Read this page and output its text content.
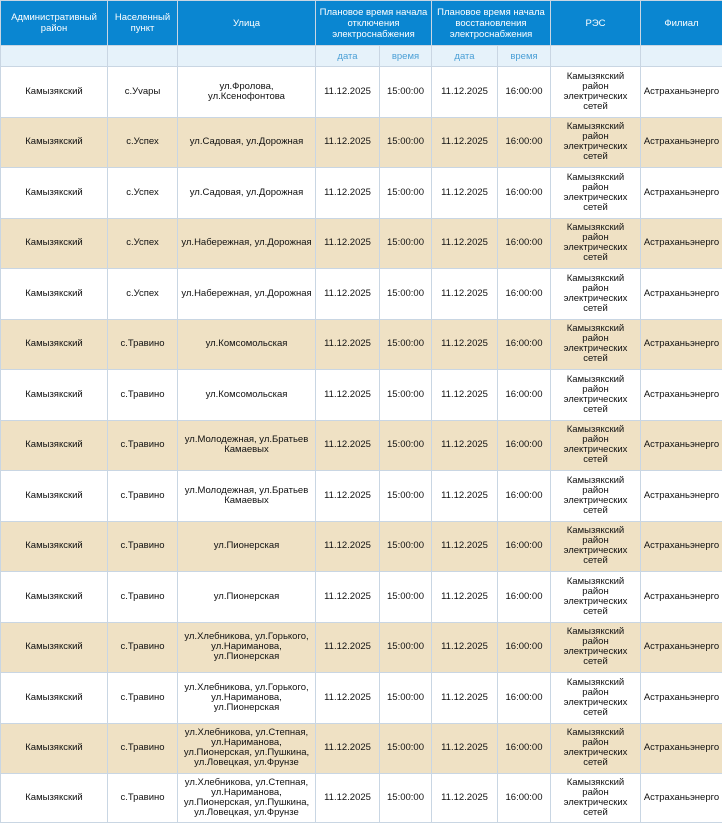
Административный район	Населенный пункт	Улица	Плановое время начала отключения электроснабжения		Плановое время начала восстановления электроснабжения		РЭС	Филиал
			дата	время	дата	время		
Камызякский	с.Уvары	ул.Фролова, ул.Ксенофонтова	11.12.2025	15:00:00	11.12.2025	16:00:00	Камызякский район электрических сетей	Астраханьэнерго
Камызякский	с.Успех	ул.Садовая, ул.Дорожная	11.12.2025	15:00:00	11.12.2025	16:00:00	Камызякский район электрических сетей	Астраханьэнерго
Камызякский	с.Успех	ул.Садовая, ул.Дорожная	11.12.2025	15:00:00	11.12.2025	16:00:00	Камызякский район электрических сетей	Астраханьэнерго
Камызякский	с.Успех	ул.Набережная, ул.Дорожная	11.12.2025	15:00:00	11.12.2025	16:00:00	Камызякский район электрических сетей	Астраханьэнерго
Камызякский	с.Успех	ул.Набережная, ул.Дорожная	11.12.2025	15:00:00	11.12.2025	16:00:00	Камызякский район электрических сетей	Астраханьэнерго
Камызякский	с.Травино	ул.Комсомольская	11.12.2025	15:00:00	11.12.2025	16:00:00	Камызякский район электрических сетей	Астраханьэнерго
Камызякский	с.Травино	ул.Комсомольская	11.12.2025	15:00:00	11.12.2025	16:00:00	Камызякский район электрических сетей	Астраханьэнерго
Камызякский	с.Травино	ул.Молодежная, ул.Братьев Камаевых	11.12.2025	15:00:00	11.12.2025	16:00:00	Камызякский район электрических сетей	Астраханьэнерго
Камызякский	с.Травино	ул.Молодежная, ул.Братьев Камаевых	11.12.2025	15:00:00	11.12.2025	16:00:00	Камызякский район электрических сетей	Астраханьэнерго
Камызякский	с.Травино	ул.Пионерская	11.12.2025	15:00:00	11.12.2025	16:00:00	Камызякский район электрических сетей	Астраханьэнерго
Камызякский	с.Травино	ул.Пионерская	11.12.2025	15:00:00	11.12.2025	16:00:00	Камызякский район электрических сетей	Астраханьэнерго
Камызякский	с.Травино	ул.Хлебникова, ул.Горького, ул.Нариманова, ул.Пионерская	11.12.2025	15:00:00	11.12.2025	16:00:00	Камызякский район электрических сетей	Астраханьэнерго
Камызякский	с.Травино	ул.Хлебникова, ул.Горького, ул.Нариманова, ул.Пионерская	11.12.2025	15:00:00	11.12.2025	16:00:00	Камызякский район электрических сетей	Астраханьэнерго
Камызякский	с.Травино	ул.Хлебникова, ул.Степная, ул.Нариманова, ул.Пионерская, ул.Пушкина, ул.Ловецкая, ул.Фрунзе	11.12.2025	15:00:00	11.12.2025	16:00:00	Камызякский район электрических сетей	Астраханьэнерго
Камызякский	с.Травино	ул.Хлебникова, ул.Степная, ул.Нариманова, ул.Пионерская, ул.Пушкина, ул.Ловецкая, ул.Фрунзе	11.12.2025	15:00:00	11.12.2025	16:00:00	Камызякский район электрических сетей	Астраханьэнерго
